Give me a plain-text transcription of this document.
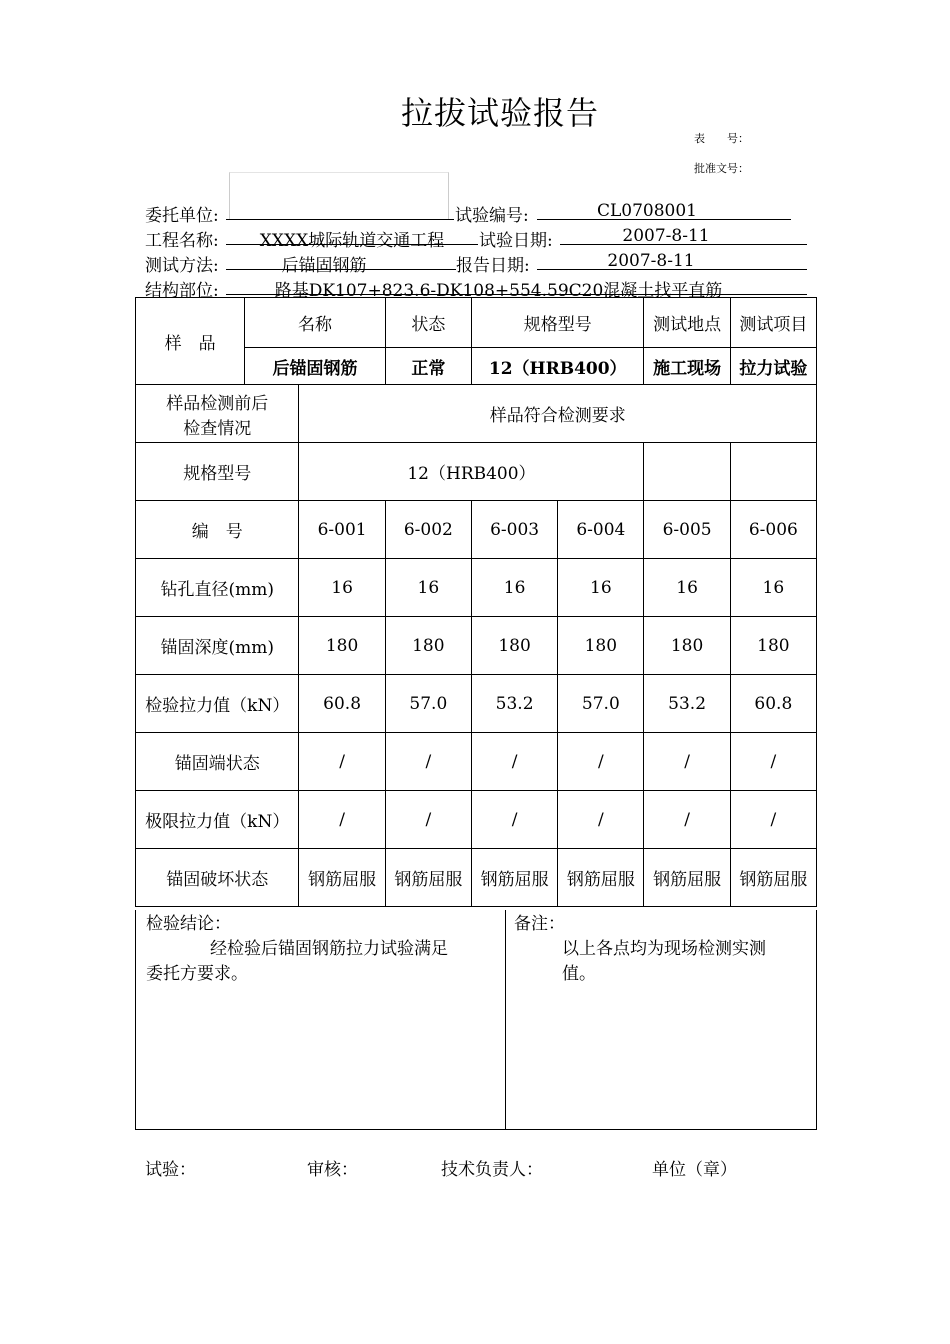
拉拔试验报告
表　　号：
批准文号：
委托单位:	试验编号:	CL0708001
工程名称:	XXXX城际轨道交通工程	试验日期:	2007-8-11
测试方法:	后锚固钢筋	报告日期:	2007-8-11
结构部位:	路基DK107+823.6-DK108+554.59C20混凝土找平直筋
样　品	名称		状态	规格型号		测试地点	测试项目
	后锚固钢筋		正常	12（HRB400）		施工现场	拉力试验

样品检测前后
检查情况		样品符合检测要求					
规格型号		12（HRB400）					
编　号		6-001	6-002	6-003	6-004	6-005	6-006
钻孔直径(mm)		16	16	16	16	16	16
锚固深度(mm)		180	180	180	180	180	180
检验拉力值（kN）		60.8	57.0	53.2	57.0	53.2	60.8
锚固端状态		/	/	/	/	/	/
极限拉力值（kN）		/	/	/	/	/	/
锚固破坏状态		钢筋屈服	钢筋屈服	钢筋屈服	钢筋屈服	钢筋屈服	钢筋屈服
检验结论：
经检验后锚固钢筋拉力试验满足
委托方要求。
备注：
以上各点均为现场检测实测
值。
试验：	审核：	技术负责人：	单位（章）
